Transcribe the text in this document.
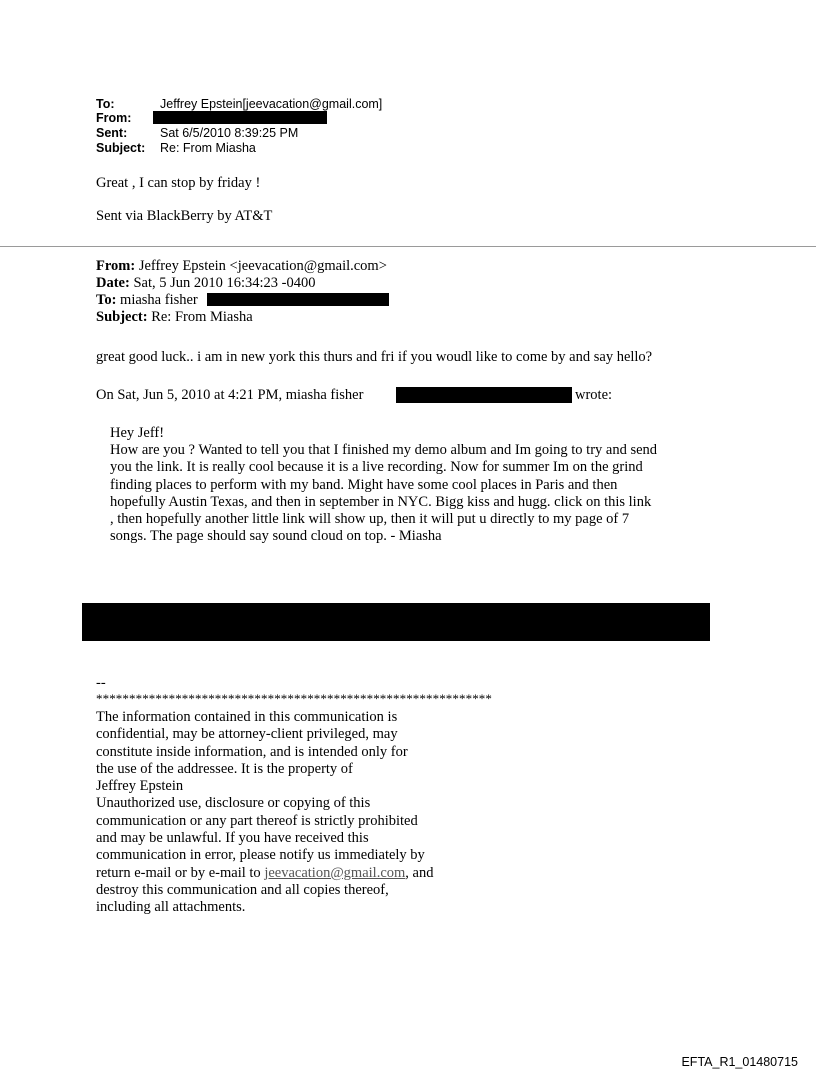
To:	Jeffrey Epstein[jeevacation@gmail.com]
From:
Sent:	Sat 6/5/2010 8:39:25 PM
Subject: Re: From Miasha
Great , I can stop by friday !
Sent via BlackBerry by AT&T
From: Jeffrey Epstein <jeevacation@gmail.com>
Date: Sat, 5 Jun 2010 16:34:23 -0400
To: miasha fisher
Subject: Re: From Miasha
great good luck.. i am in new york this thurs and fri if you woudl like to come by and say hello?
On Sat, Jun 5, 2010 at 4:21 PM, miasha fisher	wrote:

Hey Jeff!

How are you ? Wanted to tell you that I finished my demo album and Im going to try and send

you the link. It is really cool because it is a live recording. Now for summer Im on the grind

finding places to perform with my band. Might have some cool places in Paris and then

hopefully Austin Texas, and then in september in NYC. Bigg kiss and hugg. click on this link

, then hopefully another little link will show up, then it will put u directly to my page of 7

songs. The page should say sound cloud on top. - Miasha

--
************************************************************
The information contained in this communication is
confidential, may be attorney-client privileged, may
constitute inside information, and is intended only for
the use of the addressee. It is the property of
Jeffrey Epstein
Unauthorized use, disclosure or copying of this
communication or any part thereof is strictly prohibited
and may be unlawful. If you have received this
communication in error, please notify us immediately by
return e-mail or by e-mail to jeevacation@gmail.com, and
destroy this communication and all copies thereof,
including all attachments.
EFTA_R1_01480715
